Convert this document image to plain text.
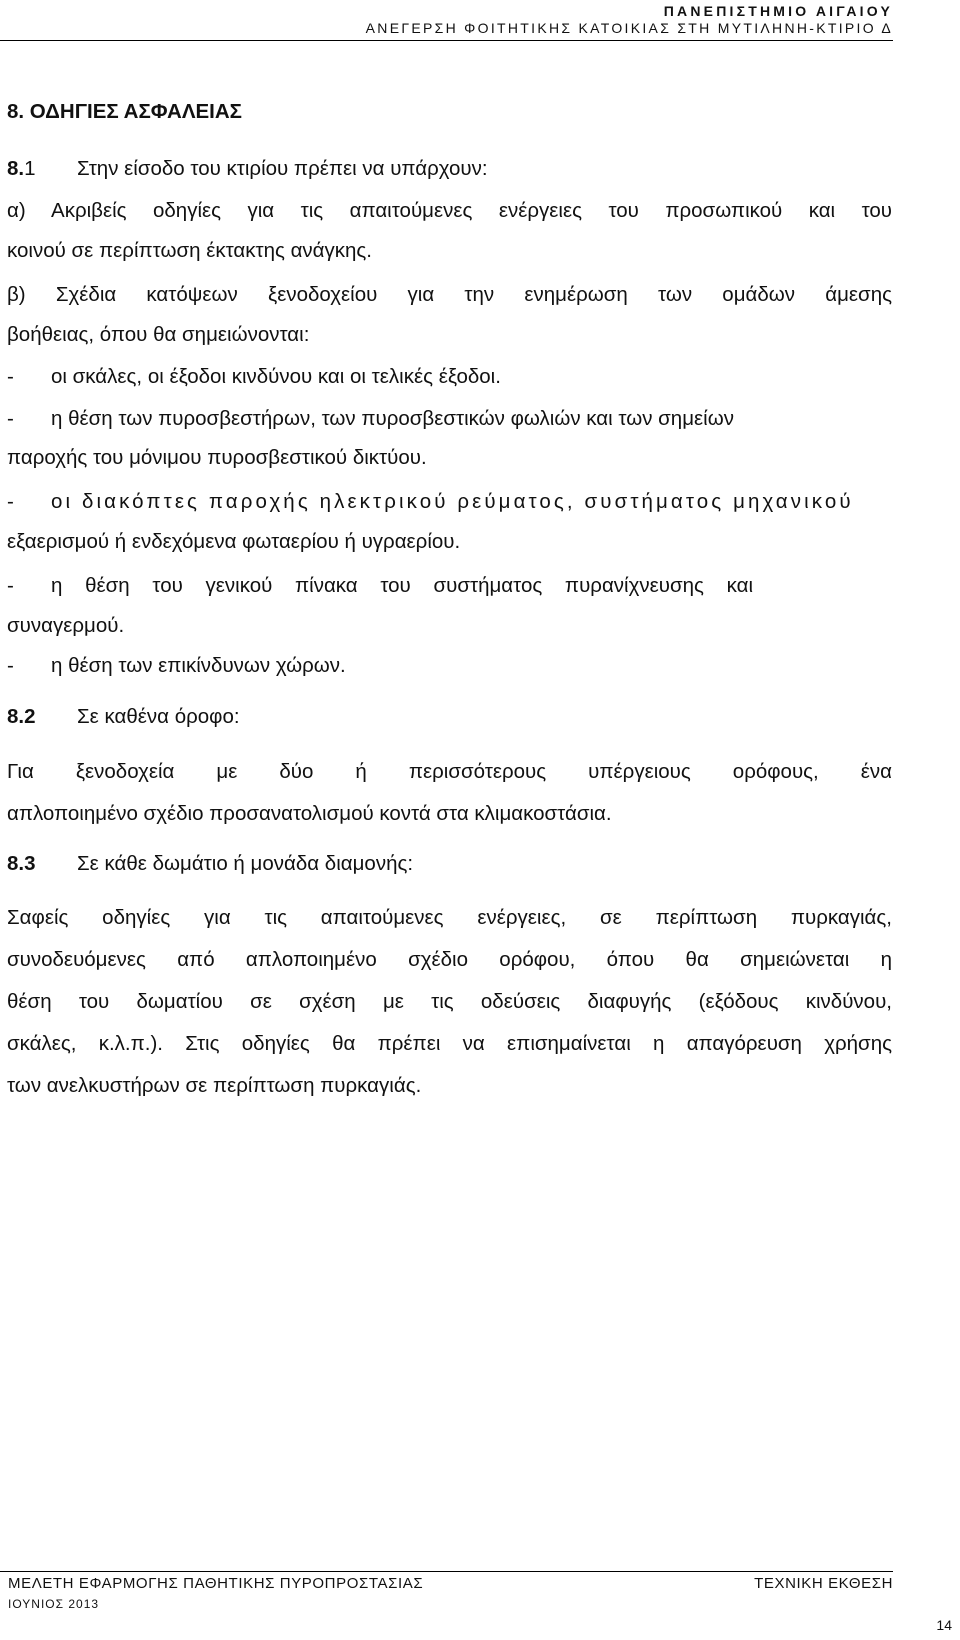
ΠΑΝΕΠΙΣΤΗΜΙΟ ΑΙΓΑΙΟΥ
ΑΝΕΓΕΡΣΗ ΦΟΙΤΗΤΙΚΗΣ ΚΑΤΟΙΚΙΑΣ ΣΤΗ ΜΥΤΙΛΗΝΗ-ΚΤΙΡΙΟ Δ
8. ΟΔΗΓΙΕΣ ΑΣΦΑΛΕΙΑΣ
8.1 Στην είσοδο του κτιρίου πρέπει να υπάρχουν:
α) Ακριβείς οδηγίες για τις απαιτούμενες ενέργειες του προσωπικού και του
κοινού σε περίπτωση έκτακτης ανάγκης.
β) Σχέδια κατόψεων ξενοδοχείου για την ενημέρωση των ομάδων άμεσης
βοήθειας, όπου θα σημειώνονται:
- οι σκάλες, οι έξοδοι κινδύνου και οι τελικές έξοδοι.
- η θέση των πυροσβεστήρων, των πυροσβεστικών φωλιών και των σημείων
παροχής του μόνιμου πυροσβεστικού δικτύου.
- οι διακόπτες παροχής ηλεκτρικού ρεύματος, συστήματος μηχανικού
εξαερισμού ή ενδεχόμενα φωταερίου ή υγραερίου.
- η θέση του γενικού πίνακα του συστήματος πυρανίχνευσης και
συναγερμού.
- η θέση των επικίνδυνων χώρων.
8.2 Σε καθένα όροφο:
Για ξενοδοχεία με δύο ή περισσότερους υπέργειους ορόφους, ένα
απλοποιημένο σχέδιο προσανατολισμού κοντά στα κλιμακοστάσια.
8.3 Σε κάθε δωμάτιο ή μονάδα διαμονής:
Σαφείς οδηγίες για τις απαιτούμενες ενέργειες, σε περίπτωση πυρκαγιάς,
συνοδευόμενες από απλοποιημένο σχέδιο ορόφου, όπου θα σημειώνεται η
θέση του δωματίου σε σχέση με τις οδεύσεις διαφυγής (εξόδους κινδύνου,
σκάλες, κ.λ.π.). Στις οδηγίες θα πρέπει να επισημαίνεται η απαγόρευση χρήσης
των ανελκυστήρων σε περίπτωση πυρκαγιάς.
ΜΕΛΕΤΗ ΕΦΑΡΜΟΓΗΣ ΠΑΘΗΤΙΚΗΣ ΠΥΡΟΠΡΟΣΤΑΣΙΑΣ	ΤΕΧΝΙΚΗ ΕΚΘΕΣΗ
ΙΟΥΝΙΟΣ 2013
14
